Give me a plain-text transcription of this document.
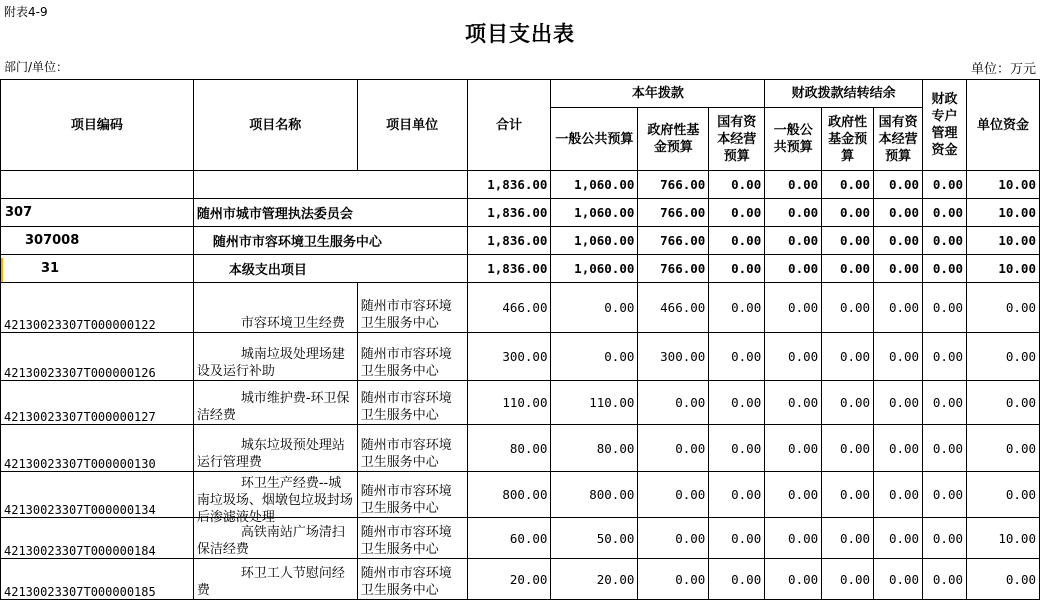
附表4-9
项目支出表
部门/单位：	单位：万元
项目编码	项目名称	项目单位	合计	本年拨款			财政拨款结转结余			财政专户管理资金	单位资金
				一般公共预算	政府性基金预算	国有资本经营预算	一般公共预算	政府性基金预算	国有资本经营预算		
			1,836.00	1,060.00	766.00	0.00	0.00	0.00	0.00	0.00	10.00
307	随州市城市管理执法委员会		1,836.00	1,060.00	766.00	0.00	0.00	0.00	0.00	0.00	10.00
307008	随州市市容环境卫生服务中心		1,836.00	1,060.00	766.00	0.00	0.00	0.00	0.00	0.00	10.00
31	本级支出项目		1,836.00	1,060.00	766.00	0.00	0.00	0.00	0.00	0.00	10.00
42130023307T000000122	市容环境卫生经费	随州市市容环境卫生服务中心	466.00	0.00	466.00	0.00	0.00	0.00	0.00	0.00	0.00
42130023307T000000126	城南垃圾处理场建设及运行补助	随州市市容环境卫生服务中心	300.00	0.00	300.00	0.00	0.00	0.00	0.00	0.00	0.00
42130023307T000000127	城市维护费-环卫保洁经费	随州市市容环境卫生服务中心	110.00	110.00	0.00	0.00	0.00	0.00	0.00	0.00	0.00
42130023307T000000130	城东垃圾预处理站运行管理费	随州市市容环境卫生服务中心	80.00	80.00	0.00	0.00	0.00	0.00	0.00	0.00	0.00
42130023307T000000134	环卫生产经费--城南垃圾场、烟墩包垃圾封场后渗滤液处理	随州市市容环境卫生服务中心	800.00	800.00	0.00	0.00	0.00	0.00	0.00	0.00	0.00
42130023307T000000184	高铁南站广场清扫保洁经费	随州市市容环境卫生服务中心	60.00	50.00	0.00	0.00	0.00	0.00	0.00	0.00	10.00
42130023307T000000185	环卫工人节慰问经费	随州市市容环境卫生服务中心	20.00	20.00	0.00	0.00	0.00	0.00	0.00	0.00	0.00
